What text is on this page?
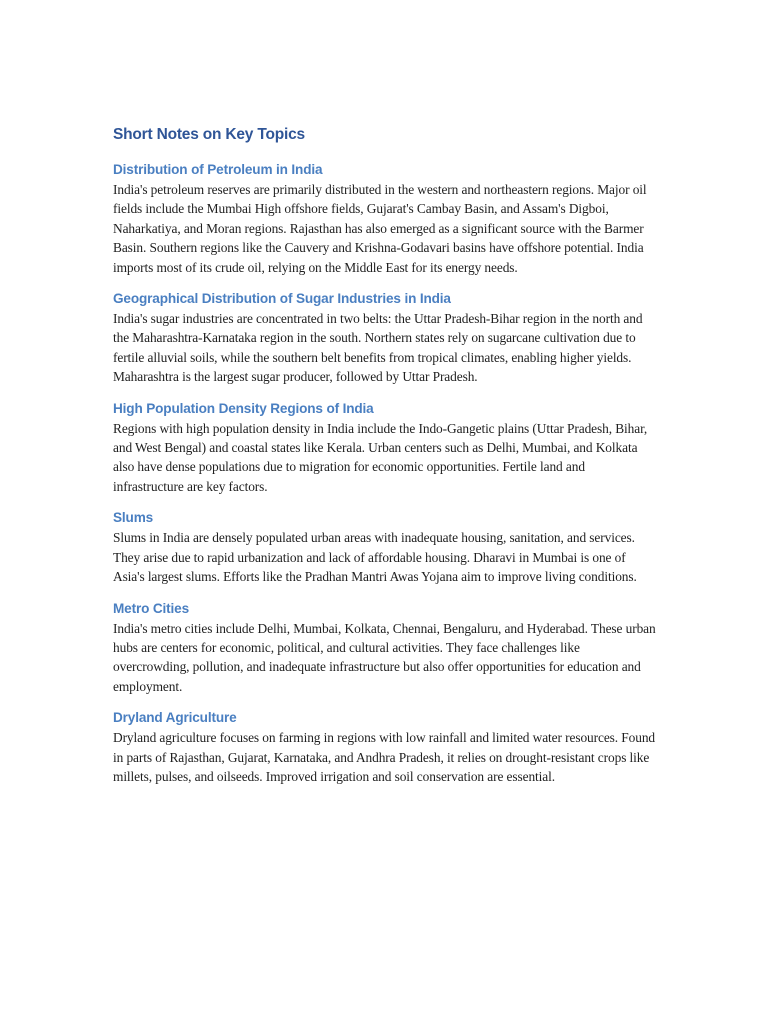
Short Notes on Key Topics
Distribution of Petroleum in India

India's petroleum reserves are primarily distributed in the western and northeastern regions. Major oil fields include the Mumbai High offshore fields, Gujarat's Cambay Basin, and Assam's Digboi, Naharkatiya, and Moran regions. Rajasthan has also emerged as a significant source with the Barmer Basin. Southern regions like the Cauvery and Krishna-Godavari basins have offshore potential. India imports most of its crude oil, relying on the Middle East for its energy needs.

Geographical Distribution of Sugar Industries in India

India's sugar industries are concentrated in two belts: the Uttar Pradesh-Bihar region in the north and the Maharashtra-Karnataka region in the south. Northern states rely on sugarcane cultivation due to fertile alluvial soils, while the southern belt benefits from tropical climates, enabling higher yields. Maharashtra is the largest sugar producer, followed by Uttar Pradesh.

High Population Density Regions of India

Regions with high population density in India include the Indo-Gangetic plains (Uttar Pradesh, Bihar, and West Bengal) and coastal states like Kerala. Urban centers such as Delhi, Mumbai, and Kolkata also have dense populations due to migration for economic opportunities. Fertile land and infrastructure are key factors.

Slums

Slums in India are densely populated urban areas with inadequate housing, sanitation, and services. They arise due to rapid urbanization and lack of affordable housing. Dharavi in Mumbai is one of Asia's largest slums. Efforts like the Pradhan Mantri Awas Yojana aim to improve living conditions.

Metro Cities

India's metro cities include Delhi, Mumbai, Kolkata, Chennai, Bengaluru, and Hyderabad. These urban hubs are centers for economic, political, and cultural activities. They face challenges like overcrowding, pollution, and inadequate infrastructure but also offer opportunities for education and employment.

Dryland Agriculture

Dryland agriculture focuses on farming in regions with low rainfall and limited water resources. Found in parts of Rajasthan, Gujarat, Karnataka, and Andhra Pradesh, it relies on drought-resistant crops like millets, pulses, and oilseeds. Improved irrigation and soil conservation are essential.
